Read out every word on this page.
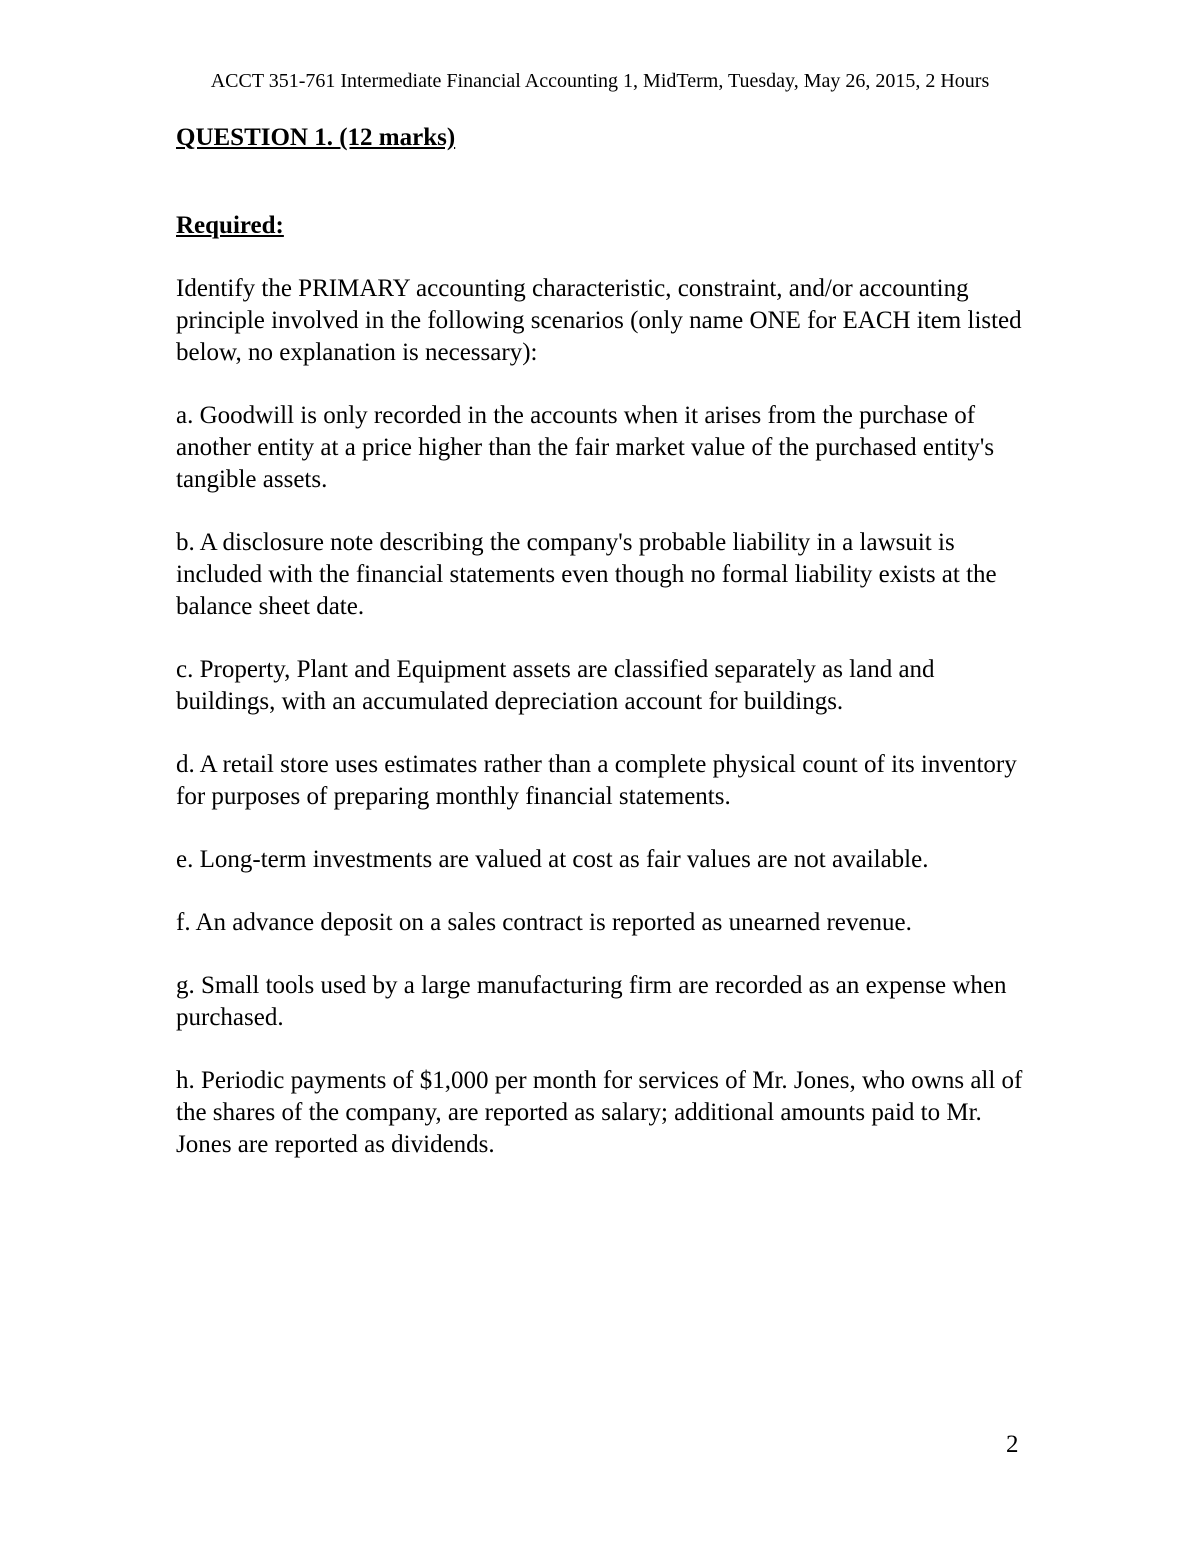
ACCT 351-761 Intermediate Financial Accounting 1, MidTerm, Tuesday, May 26, 2015, 2 Hours

QUESTION 1. (12 marks)

Required:

Identify the PRIMARY accounting characteristic, constraint, and/or accounting principle involved in the following scenarios (only name ONE for EACH item listed below, no explanation is necessary):

a. Goodwill is only recorded in the accounts when it arises from the purchase of another entity at a price higher than the fair market value of the purchased entity's tangible assets.

b. A disclosure note describing the company's probable liability in a lawsuit is included with the financial statements even though no formal liability exists at the balance sheet date.

c. Property, Plant and Equipment assets are classified separately as land and buildings, with an accumulated depreciation account for buildings.

d. A retail store uses estimates rather than a complete physical count of its inventory for purposes of preparing monthly financial statements.

e. Long-term investments are valued at cost as fair values are not available.

f. An advance deposit on a sales contract is reported as unearned revenue.

g. Small tools used by a large manufacturing firm are recorded as an expense when purchased.

h. Periodic payments of $1,000 per month for services of Mr. Jones, who owns all of the shares of the company, are reported as salary; additional amounts paid to Mr. Jones are reported as dividends.

2
